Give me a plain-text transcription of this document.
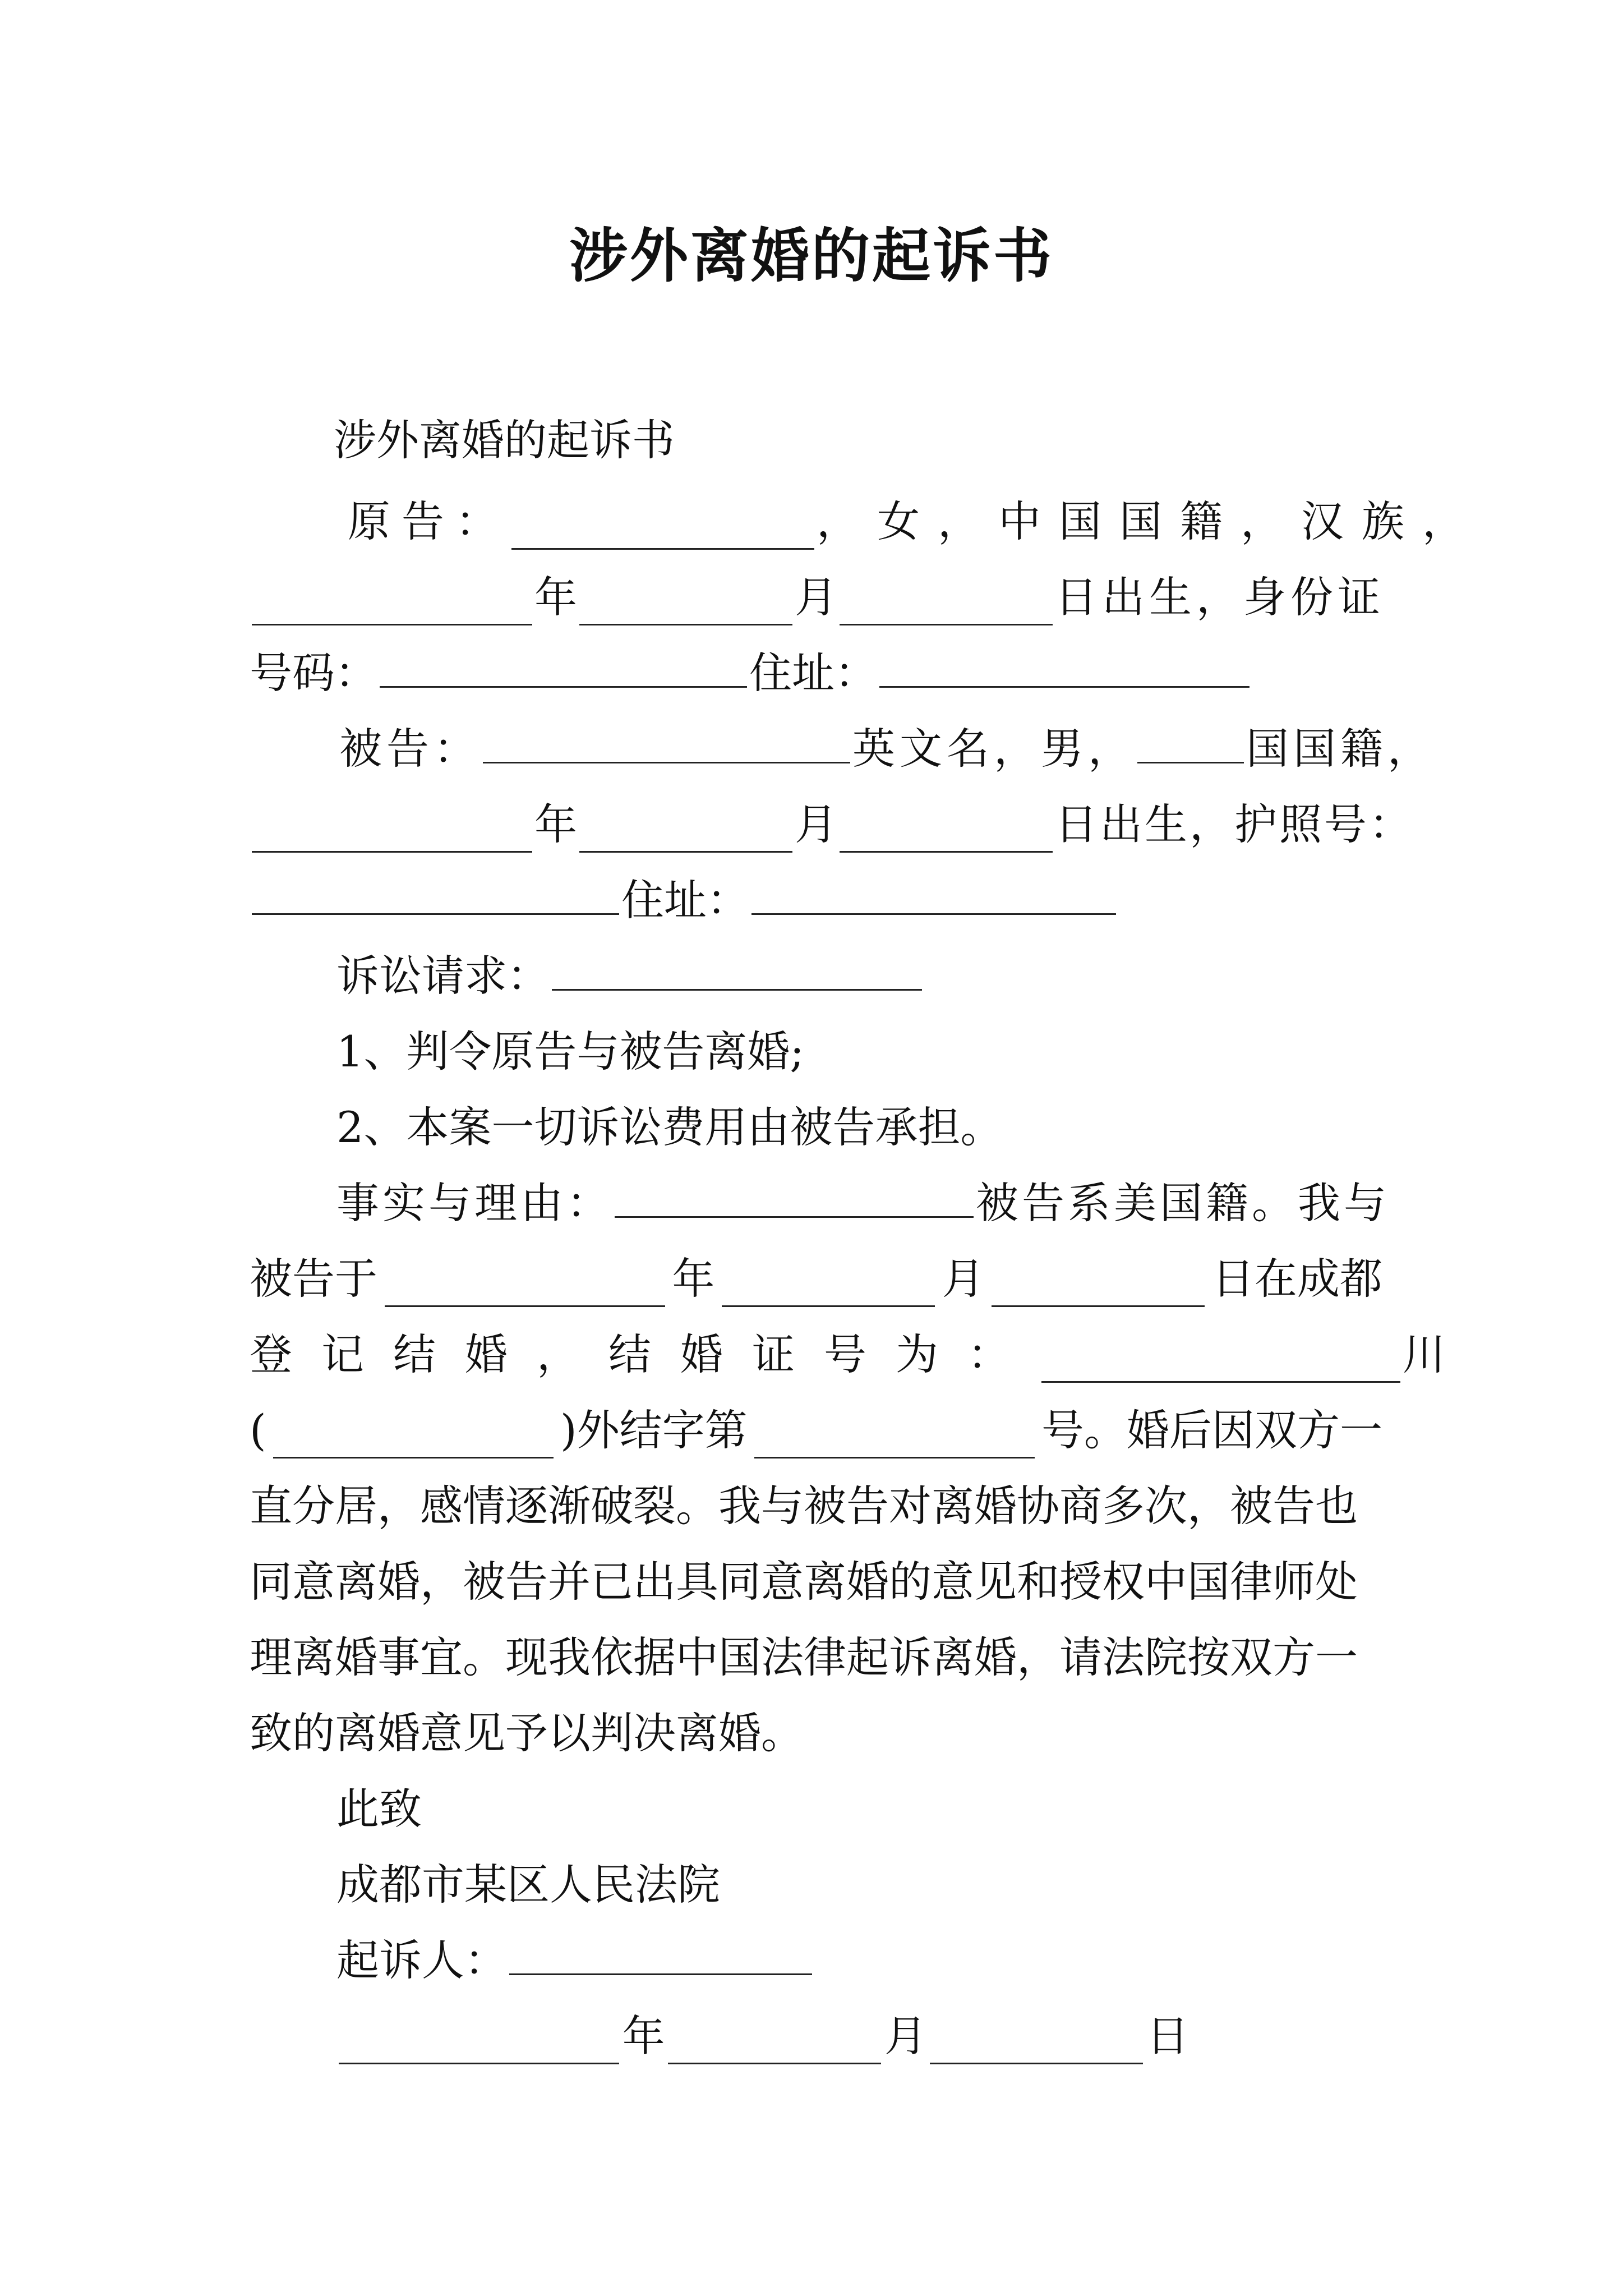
涉外离婚的起诉书
涉外离婚的起诉书
原告：	，女，中国国籍，汉族，
年	月	日出生，身份证
号码：	住址：
被告：	英文名，男，	国国籍，
年	月	日出生，护照号：
住址：
诉讼请求：
1、判令原告与被告离婚;
2、本案一切诉讼费用由被告承担。
事实与理由：	被告系美国籍。我与
被告于	年	月	日在成都
登记结婚，结婚证号为：	川
(	)外结字第	号。婚后因双方一
直分居，感情逐渐破裂。我与被告对离婚协商多次，被告也
同意离婚，被告并已出具同意离婚的意见和授权中国律师处
理离婚事宜。现我依据中国法律起诉离婚，请法院按双方一
致的离婚意见予以判决离婚。
此致
成都市某区人民法院
起诉人：
年	月	日
